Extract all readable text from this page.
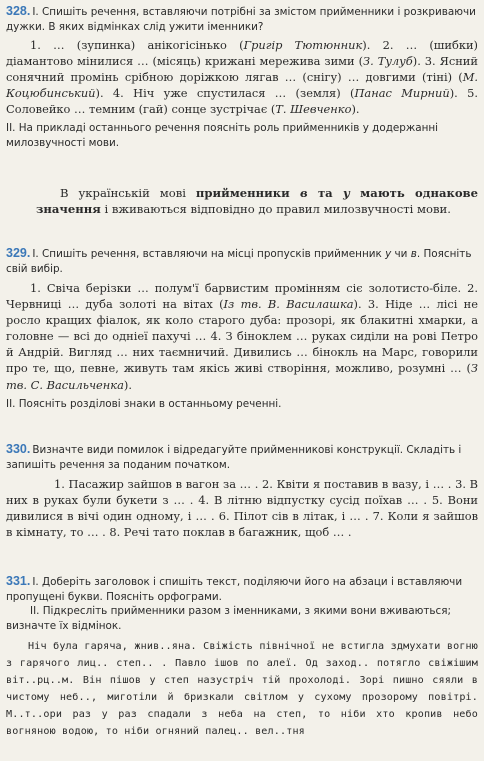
328. І. Спишіть речення, вставляючи потрібні за змістом прийменники і розкриваючи дужки. В яких відмінках слід ужити іменники?

1. … (зупинка) анікогісінько (Григір Тютюнник). 2. … (шибки) діамантово мінилися … (місяць) крижані мережива зими (З. Тулуб). 3. Ясний сонячний промінь срібною доріжкою лягав … (снігу) … довгими (тіні) (М. Коцюбинський). 4. Ніч уже спустилася … (земля) (Панас Мирний). 5. Соловейко … темним (гай) сонце зустрічає (Т. Шевченко).

ІІ. На прикладі останнього речення поясніть роль прийменників у додержанні милозвучності мови.

В українській мові прийменники в та у мають однакове значення і вживаються відповідно до правил милозвучності мови.

329. І. Спишіть речення, вставляючи на місці пропусків прийменник у чи в. Поясніть свій вибір.

1. Свіча берізки … полум'ї барвистим промінням сіє золотисто-біле. 2. Червниці … дуба золоті на вітах (Із тв. В. Василашка). 3. Ніде … лісі не росло кращих фіалок, як коло старого дуба: прозорі, як блакитні хмарки, а головне — всі до одніеї пахучі … 4. З біноклем … руках сиділи на рові Петро й Андрій. Вигляд … них таємничий. Дивились … бінокль на Марс, говорили про те, що, певне, живуть там якісь живі створіння, можливо, розумні … (З тв. С. Васильченка).

ІІ. Поясніть розділові знаки в останньому реченні.

330. Визначте види помилок і відредагуйте прийменникові конструкції. Складіть і запишіть речення за поданим початком.

1. Пасажир зайшов в вагон за … . 2. Квіти я поставив в вазу, і … . 3. В них в руках були букети з … . 4. В літню відпустку сусід поїхав … . 5. Вони дивилися в вічі один одному, і … . 6. Пілот сів в літак, і … . 7. Коли я зайшов в кімнату, то … . 8. Речі тато поклав в багажник, щоб … .

331. І. Доберіть заголовок і спишіть текст, поділяючи його на абзаци і вставляючи пропущені букви. Поясніть орфограми.

ІІ. Підкресліть прийменники разом з іменниками, з якими вони вживаються; визначте їх відмінок.

Ніч була гаряча, жнив..яна. Свіжість північної не встигла здмухати вогню з гарячого лиц.. степ.. . Павло ішов по алеї. Од заход.. потягло свіжішим віт..рц..м. Він пішов у степ назустріч тій прохолоді. Зорі пишно сяяли в чистому неб.., миготіли й бризкали світлом у сухому прозорому повітрі. М..т..ори раз у раз спадали з неба на степ, то ніби хто кропив небо вогняною водою, то ніби огняний палец.. вел..тня
